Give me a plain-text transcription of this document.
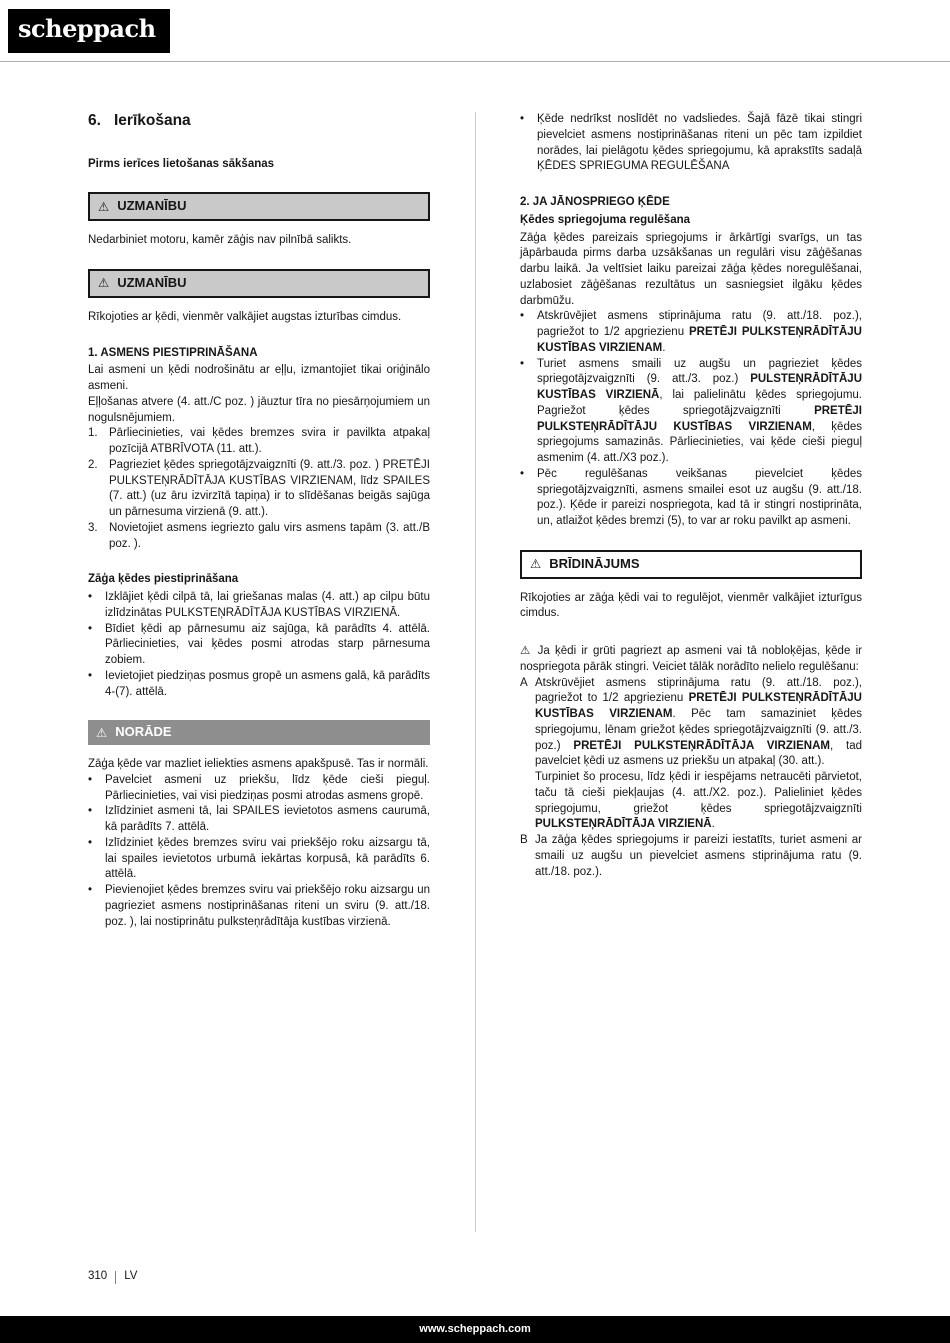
scheppach
6. Ierīkošana
Pirms ierīces lietošanas sākšanas
⚠ UZMANĪBU
Nedarbiniet motoru, kamēr zāģis nav pilnībā salikts.
⚠ UZMANĪBU
Rīkojoties ar ķēdi, vienmēr valkājiet augstas izturības cimdus.
1. ASMENS PIESTIPRINĀŠANA
Lai asmeni un ķēdi nodrošinātu ar eļļu, izmantojiet tikai oriģinālo asmeni.
Eļļošanas atvere (4. att./C poz. ) jāuztur tīra no piesārņojumiem un nogulsnējumiem.
1. Pārliecinieties, vai ķēdes bremzes svira ir pavilkta atpakaļ pozīcijā ATBRĪVOTA (11. att.).
2. Pagrieziet ķēdes spriegotājzvaigznīti (9. att./3. poz. ) PRETĒJI PULKSTEŅRĀDĪTĀJA KUSTĪBAS VIRZIENAM, līdz SPAILES (7. att.) (uz āru izvirzītā tapiņa) ir to slīdēšanas beigās sajūga un pārnesuma virzienā (9. att.).
3. Novietojiet asmens iegriezto galu virs asmens tapām (3. att./B poz. ).
Zāģa ķēdes piestiprināšana
•	Izklājiet ķēdi cilpā tā, lai griešanas malas (4. att.) ap cilpu būtu izlīdzinātas PULKSTEŅRĀDĪTĀJA KUSTĪBAS VIRZIENĀ.
•	Bīdiet ķēdi ap pārnesumu aiz sajūga, kā parādīts 4. attēlā. Pārliecinieties, vai ķēdes posmi atrodas starp pārnesuma zobiem.
•	Ievietojiet piedziņas posmus gropē un asmens galā, kā parādīts 4-(7). attēlā.
⚠ NORĀDE
Zāģa ķēde var mazliet ieliekties asmens apakšpusē. Tas ir normāli.
•	Pavelciet asmeni uz priekšu, līdz ķēde cieši pieguļ. Pārliecinieties, vai visi piedziņas posmi atrodas asmens gropē.
•	Izlīdziniet asmeni tā, lai SPAILES ievietotos asmens caurumā, kā parādīts 7. attēlā.
•	Izlīdziniet ķēdes bremzes sviru vai priekšējo roku aizsargu tā, lai spailes ievietotos urbumā iekārtas korpusā, kā parādīts 6. attēlā.
•	Pievienojiet ķēdes bremzes sviru vai priekšējo roku aizsargu un pagrieziet asmens nostiprināšanas riteni un sviru (9. att./18. poz. ), lai nostiprinātu pulksteņrādītāja kustības virzienā.
•	Ķēde nedrīkst noslīdēt no vadsliedes. Šajā fāzē tikai stingri pievelciet asmens nostiprināšanas riteni un pēc tam izpildiet norādes, lai pielāgotu ķēdes spriegojumu, kā aprakstīts sadaļā ĶĒDES SPRIEGUMA REGULĒŠANA
2. JA JĀNOSPRIEGO ĶĒDE
Ķēdes spriegojuma regulēšana
Zāģa ķēdes pareizais spriegojums ir ārkārtīgi svarīgs, un tas jāpārbauda pirms darba uzsākšanas un regulāri visu zāģēšanas darbu laikā. Ja veltīsiet laiku pareizai zāģa ķēdes noregulēšanai, uzlabosiet zāģēšanas rezultātus un sasniegsiet ilgāku ķēdes darbmūžu.
•	Atskrūvējiet asmens stiprinājuma ratu (9. att./18. poz.), pagriežot to 1/2 apgriezienu PRETĒJI PULKSTEŅRĀDĪTĀJU KUSTĪBAS VIRZIENAM.
•	Turiet asmens smaili uz augšu un pagrieziet ķēdes spriegotājzvaigznīti (9. att./3. poz.) PULSTEŅRĀDĪTĀJU KUSTĪBAS VIRZIENĀ, lai palielinātu ķēdes spriegojumu. Pagriežot ķēdes spriegotājzvaigznīti PRETĒJI PULKSTEŅRĀDĪTĀJU KUSTĪBAS VIRZIENAM, ķēdes spriegojums samazinās. Pārliecinieties, vai ķēde cieši pieguļ asmenim (4. att./X3 poz.).
•	Pēc regulēšanas veikšanas pievelciet ķēdes spriegotājzvaigznīti, asmens smailei esot uz augšu (9. att./18. poz.). Ķēde ir pareizi nospriegota, kad tā ir stingri nostiprināta, un, atlaižot ķēdes bremzi (5), to var ar roku pavilkt ap asmeni.
⚠ BRĪDINĀJUMS
Rīkojoties ar zāģa ķēdi vai to regulējot, vienmēr valkājiet izturīgus cimdus.
⚠ Ja ķēdi ir grūti pagriezt ap asmeni vai tā nobloķējas, ķēde ir nospriegota pārāk stingri. Veiciet tālāk norādīto nelielo regulēšanu:
A Atskrūvējiet asmens stiprinājuma ratu (9. att./18. poz.), pagriežot to 1/2 apgriezienu PRETĒJI PULKSTEŅRĀDĪTĀJU KUSTĪBAS VIRZIENAM. Pēc tam samaziniet ķēdes spriegojumu, lēnam griežot ķēdes spriegotājzvaigznīti (9. att./3. poz.) PRETĒJI PULKSTEŅRĀDĪTĀJA VIRZIENAM, tad pavelciet ķēdi uz asmens uz priekšu un atpakaļ (30. att.).
Turpiniet šo procesu, līdz ķēdi ir iespējams netraucēti pārvietot, taču tā cieši piekļaujas (4. att./X2. poz.). Palieliniet ķēdes spriegojumu, griežot ķēdes spriegotājzvaigznīti PULKSTEŅRĀDĪTĀJA VIRZIENĀ.
B Ja zāģa ķēdes spriegojums ir pareizi iestatīts, turiet asmeni ar smaili uz augšu un pievelciet asmens stiprinājuma ratu (9. att./18. poz.).
310 LV
www.scheppach.com
